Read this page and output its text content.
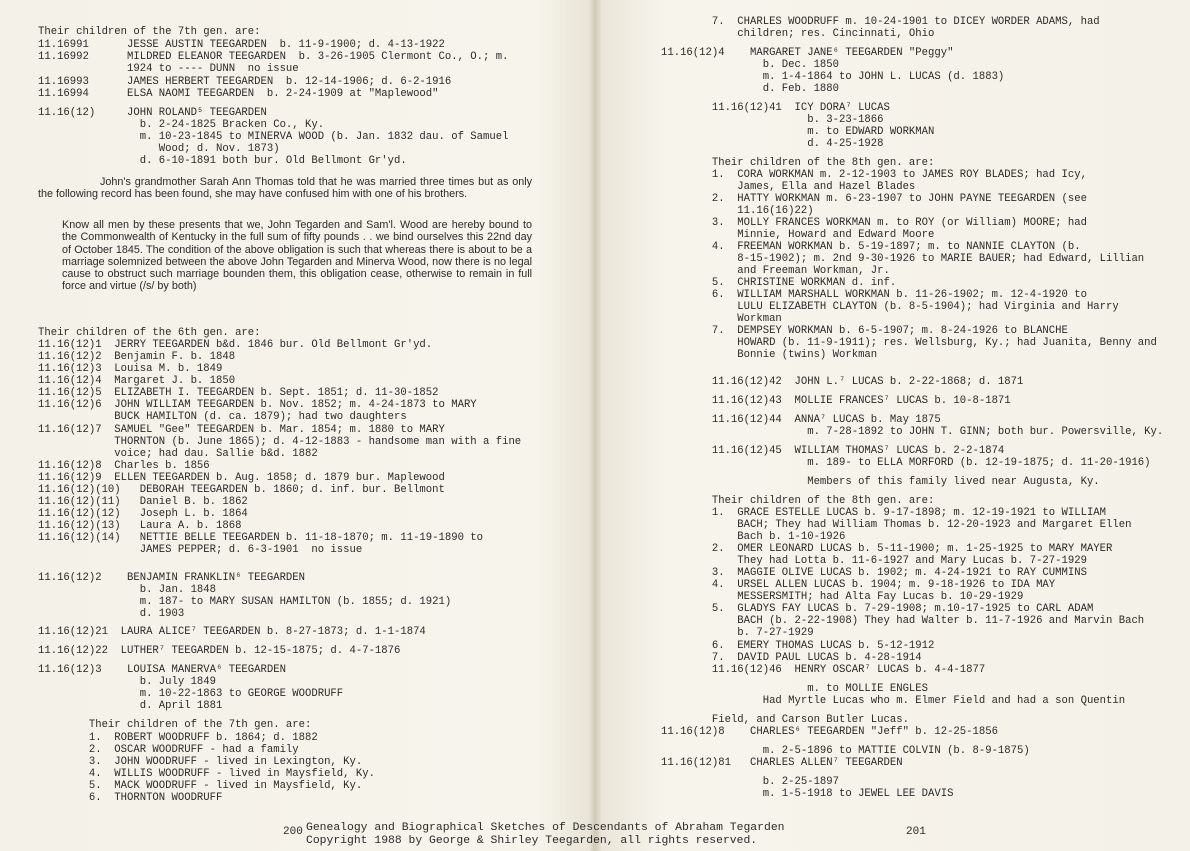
Their children of the 7th gen. are:
11.16991      JESSE AUSTIN TEEGARDEN  b. 11-9-1900; d. 4-13-1922
11.16992      MILDRED ELEANOR TEEGARDEN  b. 3-26-1905 Clermont Co., O.; m.
1924 to ---- DUNN  no issue
11.16993      JAMES HERBERT TEEGARDEN  b. 12-14-1906; d. 6-2-1916
11.16994      ELSA NAOMI TEEGARDEN  b. 2-24-1909 at "Maplewood"
11.16(12)     JOHN ROLAND⁵ TEEGARDEN
b. 2-24-1825 Bracken Co., Ky.
m. 10-23-1845 to MINERVA WOOD (b. Jan. 1832 dau. of Samuel
Wood; d. Nov. 1873)
d. 6-10-1891 both bur. Old Bellmont Gr'yd.
Their children of the 6th gen. are:
11.16(12)1  JERRY TEEGARDEN b&d. 1846 bur. Old Bellmont Gr'yd.
11.16(12)2  Benjamin F. b. 1848
11.16(12)3  Louisa M. b. 1849
11.16(12)4  Margaret J. b. 1850
11.16(12)5  ELIZABETH I. TEEGARDEN b. Sept. 1851; d. 11-30-1852
11.16(12)6  JOHN WILLIAM TEEGARDEN b. Nov. 1852; m. 4-24-1873 to MARY
BUCK HAMILTON (d. ca. 1879); had two daughters
11.16(12)7  SAMUEL "Gee" TEEGARDEN b. Mar. 1854; m. 1880 to MARY
THORNTON (b. June 1865); d. 4-12-1883 - handsome man with a fine
voice; had dau. Sallie b&d. 1882
11.16(12)8  Charles b. 1856
11.16(12)9  ELLEN TEEGARDEN b. Aug. 1858; d. 1879 bur. Maplewood
11.16(12)(10)   DEBORAH TEEGARDEN b. 1860; d. inf. bur. Bellmont
11.16(12)(11)   Daniel B. b. 1862
11.16(12)(12)   Joseph L. b. 1864
11.16(12)(13)   Laura A. b. 1868
11.16(12)(14)   NETTIE BELLE TEEGARDEN b. 11-18-1870; m. 11-19-1890 to
JAMES PEPPER; d. 6-3-1901  no issue
11.16(12)2    BENJAMIN FRANKLIN⁶ TEEGARDEN
b. Jan. 1848
m. 187- to MARY SUSAN HAMILTON (b. 1855; d. 1921)
d. 1903
11.16(12)21  LAURA ALICE⁷ TEEGARDEN b. 8-27-1873; d. 1-1-1874
11.16(12)22  LUTHER⁷ TEEGARDEN b. 12-15-1875; d. 4-7-1876
11.16(12)3    LOUISA MANERVA⁶ TEEGARDEN
b. July 1849
m. 10-22-1863 to GEORGE WOODRUFF
d. April 1881
Their children of the 7th gen. are:
1.  ROBERT WOODRUFF b. 1864; d. 1882
2.  OSCAR WOODRUFF - had a family
3.  JOHN WOODRUFF - lived in Lexington, Ky.
4.  WILLIS WOODRUFF - lived in Maysfield, Ky.
5.  MACK WOODRUFF - lived in Maysfield, Ky.
6.  THORNTON WOODRUFF
John's grandmother Sarah Ann Thomas told that he was married three times but as only the following record has been found, she may have confused him with one of his brothers.
Know all men by these presents that we, John Tegarden and Sam'l. Wood are hereby bound to the Commonwealth of Kentucky in the full sum of fifty pounds . . we bind ourselves this 22nd day of October 1845. The condition of the above obligation is such that whereas there is about to be a marriage solemnized between the above John Tegarden and Minerva Wood, now there is no legal cause to obstruct such marriage bounden them, this obligation cease, otherwise to remain in full force and virtue (/s/ by both)
7.  CHARLES WOODRUFF m. 10-24-1901 to DICEY WORDER ADAMS, had
children; res. Cincinnati, Ohio
11.16(12)4    MARGARET JANE⁶ TEEGARDEN "Peggy"
b. Dec. 1850
m. 1-4-1864 to JOHN L. LUCAS (d. 1883)
d. Feb. 1880
11.16(12)41  ICY DORA⁷ LUCAS
b. 3-23-1866
m. to EDWARD WORKMAN
d. 4-25-1928
Their children of the 8th gen. are:
1.  CORA WORKMAN m. 2-12-1903 to JAMES ROY BLADES; had Icy,
James, Ella and Hazel Blades
2.  HATTY WORKMAN m. 6-23-1907 to JOHN PAYNE TEEGARDEN (see
11.16(16)22)
3.  MOLLY FRANCES WORKMAN m. to ROY (or William) MOORE; had
Minnie, Howard and Edward Moore
4.  FREEMAN WORKMAN b. 5-19-1897; m. to NANNIE CLAYTON (b.
8-15-1902); m. 2nd 9-30-1926 to MARIE BAUER; had Edward, Lillian
and Freeman Workman, Jr.
5.  CHRISTINE WORKMAN d. inf.
6.  WILLIAM MARSHALL WORKMAN b. 11-26-1902; m. 12-4-1920 to
LULU ELIZABETH CLAYTON (b. 8-5-1904); had Virginia and Harry
Workman
7.  DEMPSEY WORKMAN b. 6-5-1907; m. 8-24-1926 to BLANCHE
HOWARD (b. 11-9-1911); res. Wellsburg, Ky.; had Juanita, Benny and
Bonnie (twins) Workman
11.16(12)42  JOHN L.⁷ LUCAS b. 2-22-1868; d. 1871
11.16(12)43  MOLLIE FRANCES⁷ LUCAS b. 10-8-1871
11.16(12)44  ANNA⁷ LUCAS b. May 1875
m. 7-28-1892 to JOHN T. GINN; both bur. Powersville, Ky.
11.16(12)45  WILLIAM THOMAS⁷ LUCAS b. 2-2-1874
m. 189- to ELLA MORFORD (b. 12-19-1875; d. 11-20-1916)
Members of this family lived near Augusta, Ky.
Their children of the 8th gen. are:
1.  GRACE ESTELLE LUCAS b. 9-17-1898; m. 12-19-1921 to WILLIAM
BACH; They had William Thomas b. 12-20-1923 and Margaret Ellen
Bach b. 1-10-1926
2.  OMER LEONARD LUCAS b. 5-11-1900; m. 1-25-1925 to MARY MAYER
They had Lotta b. 11-6-1927 and Mary Lucas b. 7-27-1929
3.  MAGGIE OLIVE LUCAS b. 1902; m. 4-24-1921 to RAY CUMMINS
4.  URSEL ALLEN LUCAS b. 1904; m. 9-18-1926 to IDA MAY
MESSERSMITH; had Alta Fay Lucas b. 10-29-1929
5.  GLADYS FAY LUCAS b. 7-29-1908; m.10-17-1925 to CARL ADAM
BACH (b. 2-22-1908) They had Walter b. 11-7-1926 and Marvin Bach
b. 7-27-1929
6.  EMERY THOMAS LUCAS b. 5-12-1912
7.  DAVID PAUL LUCAS b. 4-28-1914
11.16(12)46  HENRY OSCAR⁷ LUCAS b. 4-4-1877
m. to MOLLIE ENGLES
Had Myrtle Lucas who m. Elmer Field and had a son Quentin
Field, and Carson Butler Lucas.
11.16(12)8    CHARLES⁶ TEEGARDEN "Jeff" b. 12-25-1856
m. 2-5-1896 to MATTIE COLVIN (b. 8-9-1875)
11.16(12)81   CHARLES ALLEN⁷ TEEGARDEN
b. 2-25-1897
m. 1-5-1918 to JEWEL LEE DAVIS
200 Genealogy and Biographical Sketches of Descendants of Abraham Tegarden
Copyright 1988 by George & Shirley Teegarden, all rights reserved.
201
